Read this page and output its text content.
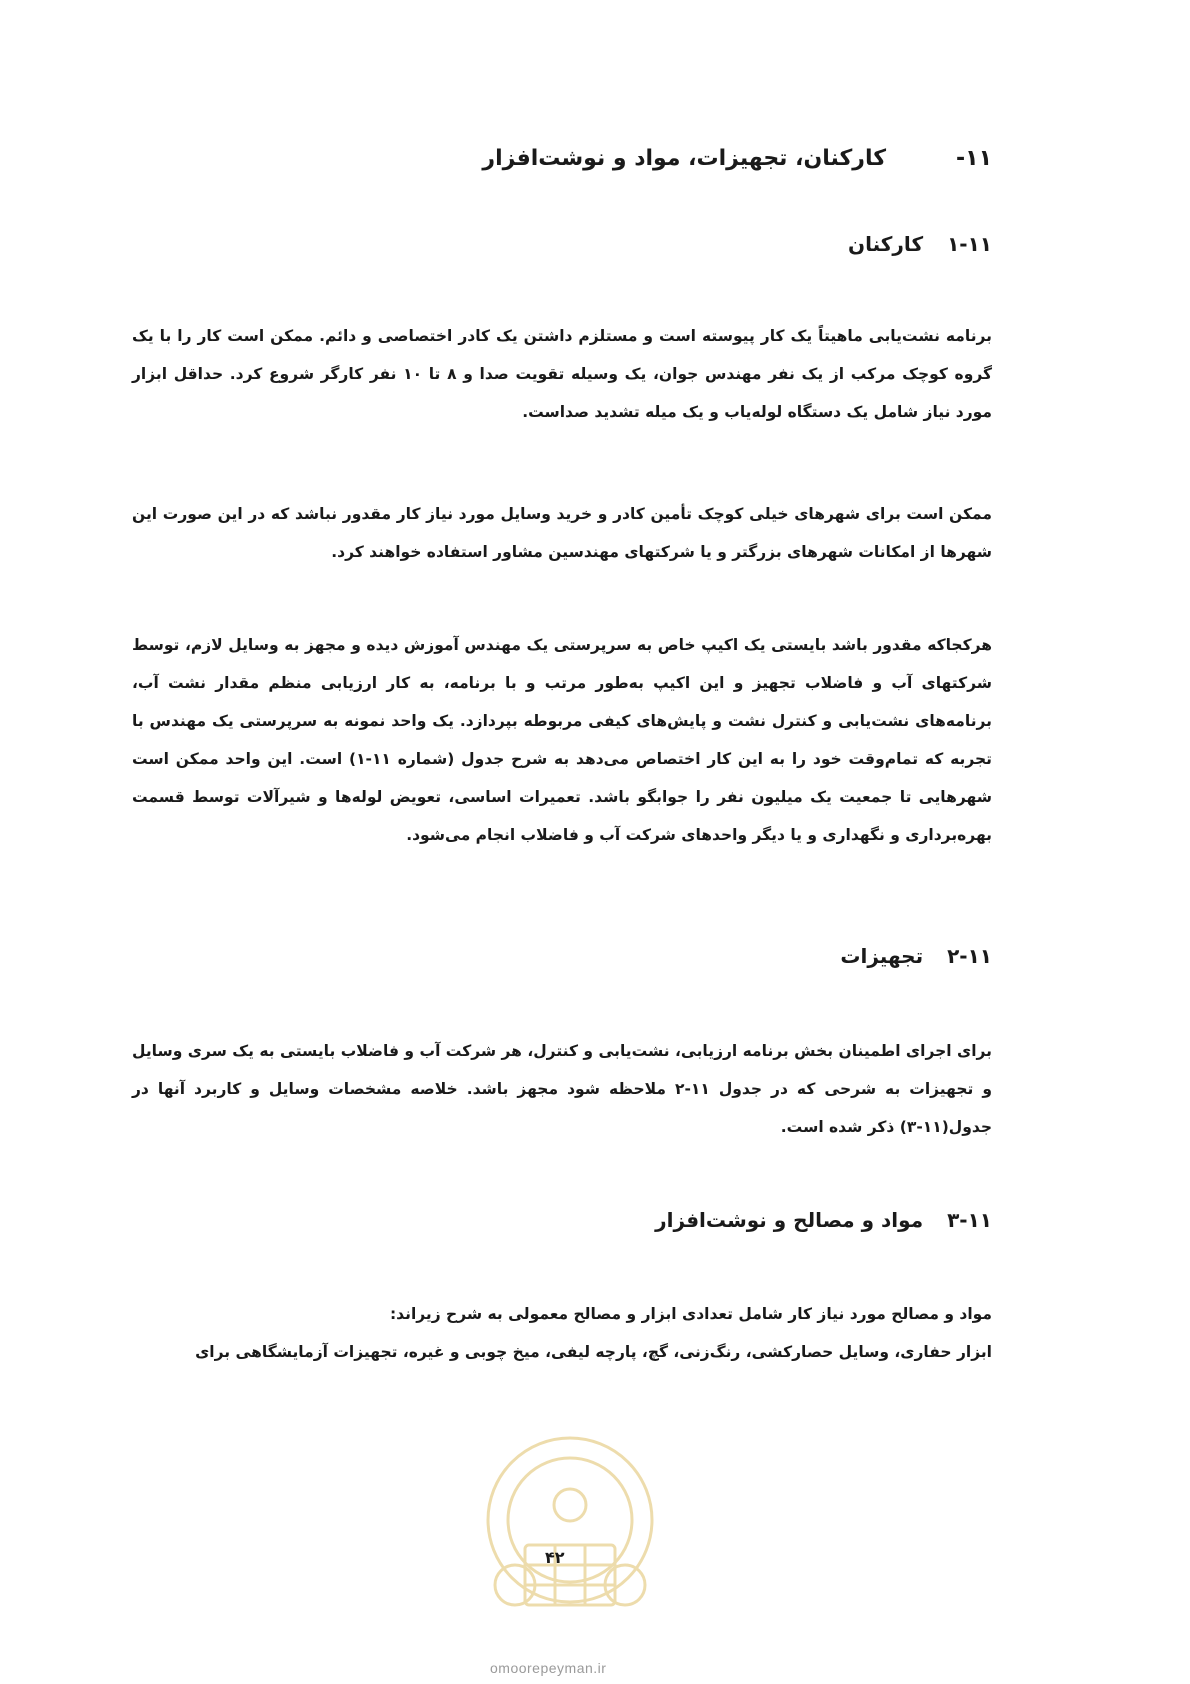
۱۱-
کارکنان، تجهیزات، مواد و نوشت‌افزار
۱-۱۱
کارکنان

برنامه نشت‌یابی ماهیتاً یک کار پیوسته است و مستلزم داشتن یک کادر اختصاصی و دائم. ممکن است کار را با یک گروه کوچک مرکب از یک نفر مهندس جوان، یک وسیله تقویت صدا و ۸ تا ۱۰ نفر کارگر شروع کرد. حداقل ابزار مورد نیاز شامل یک دستگاه لوله‌یاب و یک میله تشدید صداست.

ممکن است برای شهرهای خیلی کوچک تأمین کادر و خرید وسایل مورد نیاز کار مقدور نباشد که در این صورت این شهرها از امکانات شهرهای بزرگتر و یا شرکتهای مهندسین مشاور استفاده خواهند کرد.

هرکجاکه مقدور باشد بایستی یک اکیپ خاص به سرپرستی یک مهندس آموزش دیده و مجهز به وسایل لازم، توسط شرکتهای آب و فاضلاب تجهیز و این اکیپ به‌طور مرتب و با برنامه، به کار ارزیابی منظم مقدار نشت آب، برنامه‌های نشت‌یابی و کنترل نشت و پایش‌های کیفی مربوطه بپردازد. یک واحد نمونه به سرپرستی یک مهندس با تجربه که تمام‌وقت خود را به این کار اختصاص می‌دهد به شرح جدول (شماره ۱۱-۱) است. این واحد ممکن است شهرهایی تا جمعیت یک میلیون نفر را جوابگو باشد. تعمیرات اساسی، تعویض لوله‌ها و شیرآلات توسط قسمت بهره‌برداری و نگهداری و یا دیگر واحدهای شرکت آب و فاضلاب انجام می‌شود.

۲-۱۱
تجهیزات

برای اجرای اطمینان بخش برنامه ارزیابی، نشت‌یابی و کنترل، هر شرکت آب و فاضلاب بایستی به یک سری وسایل و تجهیزات به شرحی که در جدول ۱۱-۲ ملاحظه شود مجهز باشد. خلاصه مشخصات وسایل و کاربرد آنها در جدول(۱۱-۳) ذکر شده است.

۳-۱۱
مواد و مصالح و نوشت‌افزار

مواد و مصالح مورد نیاز کار شامل تعدادی ابزار و مصالح معمولی به شرح زیراند:

ابزار حفاری، وسایل حصارکشی، رنگ‌زنی، گچ، پارچه لیفی، میخ چوبی و غیره، تجهیزات آزمایشگاهی برای

۴۲
omoorepeyman.ir
